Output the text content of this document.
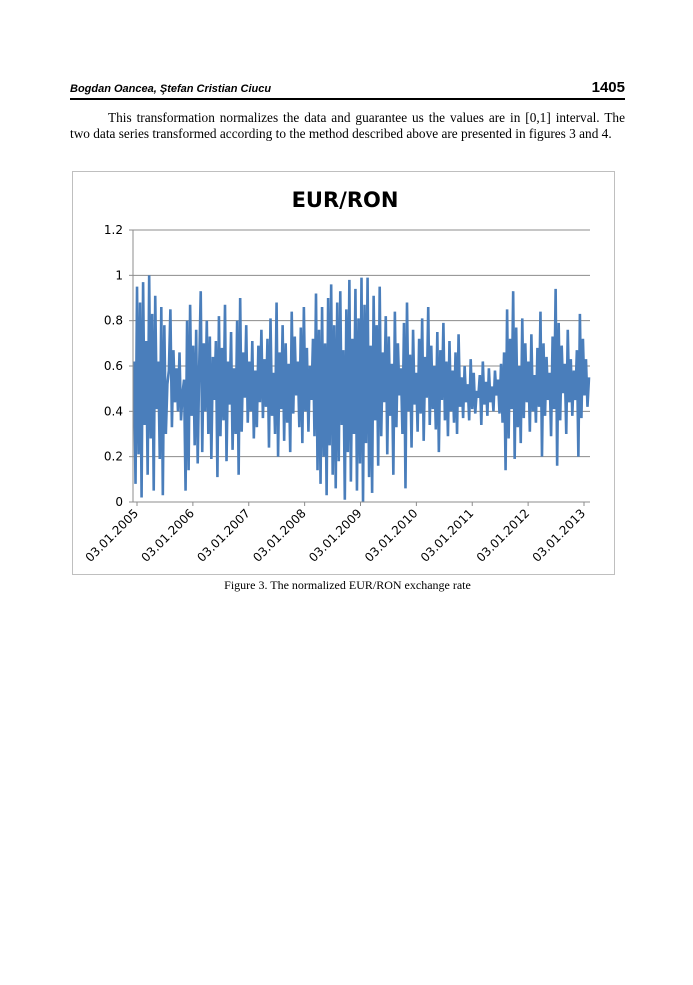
Bogdan Oancea, Ştefan Cristian Ciucu	1405

This transformation normalizes the data and guarantee us the values are in [0,1] interval. The two data series transformed according to the method described above are presented in figures 3 and 4.

EUR/RON
0
0.2
0.4
0.6
0.8
1
1.2
03.01.2005
03.01.2006
03.01.2007
03.01.2008
03.01.2009
03.01.2010
03.01.2011
03.01.2012
03.01.2013
Figure 3. The normalized EUR/RON exchange rate
